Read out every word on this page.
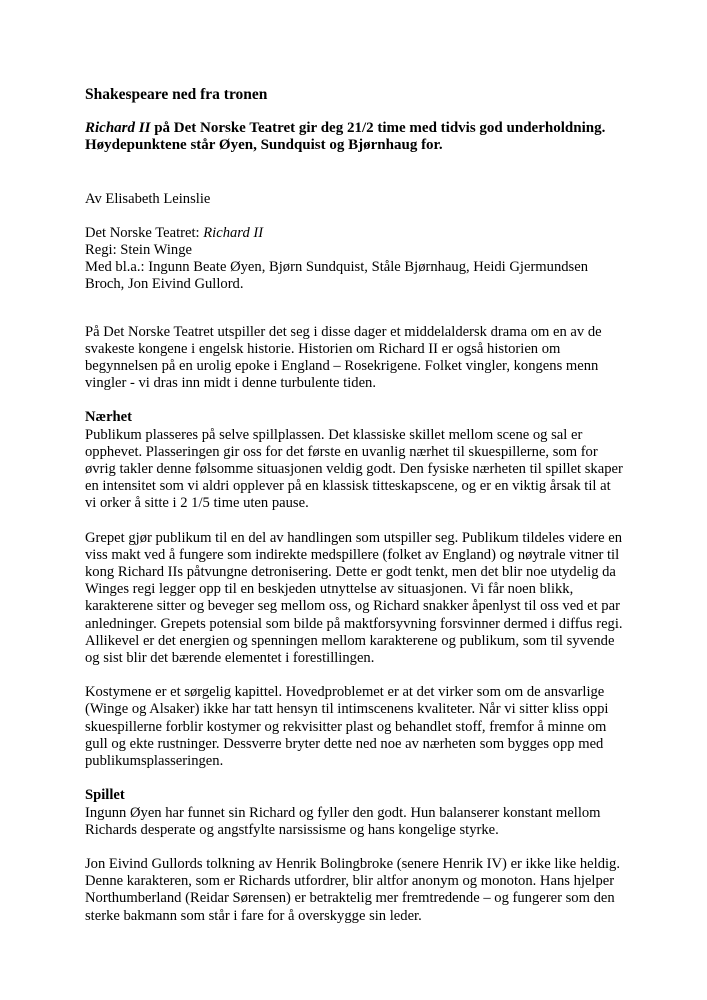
Shakespeare ned fra tronen

Richard II på Det Norske Teatret gir deg 21/2 time med tidvis god underholdning. Høydepunktene står Øyen, Sundquist og Bjørnhaug for.

Av Elisabeth Leinslie

Det Norske Teatret: Richard II

Regi: Stein Winge

Med bl.a.: Ingunn Beate Øyen, Bjørn Sundquist, Ståle Bjørnhaug, Heidi Gjermundsen Broch, Jon Eivind Gullord.

På Det Norske Teatret utspiller det seg i disse dager et middelaldersk drama om en av de svakeste kongene i engelsk historie. Historien om Richard II er også historien om begynnelsen på en urolig epoke i England – Rosekrigene. Folket vingler, kongens menn vingler - vi dras inn midt i denne turbulente tiden.

Nærhet

Publikum plasseres på selve spillplassen. Det klassiske skillet mellom scene og sal er opphevet. Plasseringen gir oss for det første en uvanlig nærhet til skuespillerne, som for øvrig takler denne følsomme situasjonen veldig godt. Den fysiske nærheten til spillet skaper en intensitet som vi aldri opplever på en klassisk titteskapscene, og er en viktig årsak til at vi orker å sitte i 2 1/5 time uten pause.

Grepet gjør publikum til en del av handlingen som utspiller seg. Publikum tildeles videre en viss makt ved å fungere som indirekte medspillere (folket av England) og nøytrale vitner til kong Richard IIs påtvungne detronisering. Dette er godt tenkt, men det blir noe utydelig da Winges regi legger opp til en beskjeden utnyttelse av situasjonen. Vi får noen blikk, karakterene sitter og beveger seg mellom oss, og Richard snakker åpenlyst til oss ved et par anledninger. Grepets potensial som bilde på maktforsyvning forsvinner dermed i diffus regi. Allikevel er det energien og spenningen mellom karakterene og publikum, som til syvende og sist blir det bærende elementet i forestillingen.

Kostymene er et sørgelig kapittel. Hovedproblemet er at det virker som om de ansvarlige (Winge og Alsaker) ikke har tatt hensyn til intimscenens kvaliteter. Når vi sitter kliss oppi skuespillerne forblir kostymer og rekvisitter plast og behandlet stoff, fremfor å minne om gull og ekte rustninger. Dessverre bryter dette ned noe av nærheten som bygges opp med publikumsplasseringen.

Spillet

Ingunn Øyen har funnet sin Richard og fyller den godt. Hun balanserer konstant mellom Richards desperate og angstfylte narsissisme og hans kongelige styrke.

Jon Eivind Gullords tolkning av Henrik Bolingbroke (senere Henrik IV) er ikke like heldig. Denne karakteren, som er Richards utfordrer, blir altfor anonym og monoton. Hans hjelper Northumberland (Reidar Sørensen) er betraktelig mer fremtredende – og fungerer som den sterke bakmann som står i fare for å overskygge sin leder.
